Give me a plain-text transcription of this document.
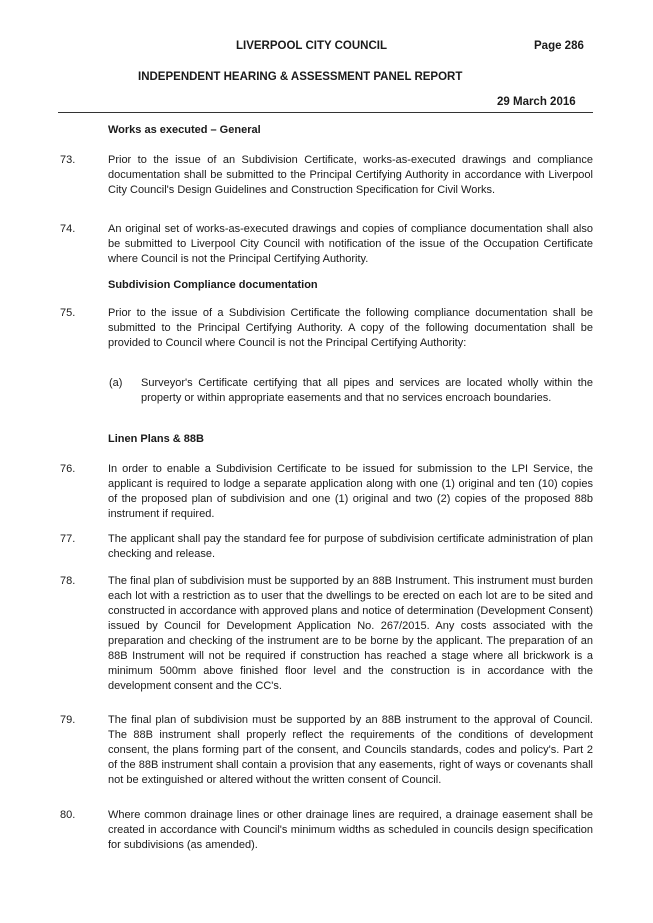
LIVERPOOL CITY COUNCIL	Page 286
INDEPENDENT HEARING & ASSESSMENT PANEL REPORT
29 March 2016
Works as executed – General
73.	Prior to the issue of an Subdivision Certificate, works-as-executed drawings and compliance documentation shall be submitted to the Principal Certifying Authority in accordance with Liverpool City Council's Design Guidelines and Construction Specification for Civil Works.
74.	An original set of works-as-executed drawings and copies of compliance documentation shall also be submitted to Liverpool City Council with notification of the issue of the Occupation Certificate where Council is not the Principal Certifying Authority.
Subdivision Compliance documentation
75.	Prior to the issue of a Subdivision Certificate the following compliance documentation shall be submitted to the Principal Certifying Authority. A copy of the following documentation shall be provided to Council where Council is not the Principal Certifying Authority:
(a) Surveyor's Certificate certifying that all pipes and services are located wholly within the property or within appropriate easements and that no services encroach boundaries.
Linen Plans & 88B
76.	In order to enable a Subdivision Certificate to be issued for submission to the LPI Service, the applicant is required to lodge a separate application along with one (1) original and ten (10) copies of the proposed plan of subdivision and one (1) original and two (2) copies of the proposed 88b instrument if required.
77.	The applicant shall pay the standard fee for purpose of subdivision certificate administration of plan checking and release.
78.	The final plan of subdivision must be supported by an 88B Instrument. This instrument must burden each lot with a restriction as to user that the dwellings to be erected on each lot are to be sited and constructed in accordance with approved plans and notice of determination (Development Consent) issued by Council for Development Application No. 267/2015. Any costs associated with the preparation and checking of the instrument are to be borne by the applicant. The preparation of an 88B Instrument will not be required if construction has reached a stage where all brickwork is a minimum 500mm above finished floor level and the construction is in accordance with the development consent and the CC's.
79.	The final plan of subdivision must be supported by an 88B instrument to the approval of Council. The 88B instrument shall properly reflect the requirements of the conditions of development consent, the plans forming part of the consent, and Councils standards, codes and policy's. Part 2 of the 88B instrument shall contain a provision that any easements, right of ways or covenants shall not be extinguished or altered without the written consent of Council.
80.	Where common drainage lines or other drainage lines are required, a drainage easement shall be created in accordance with Council's minimum widths as scheduled in councils design specification for subdivisions (as amended).
